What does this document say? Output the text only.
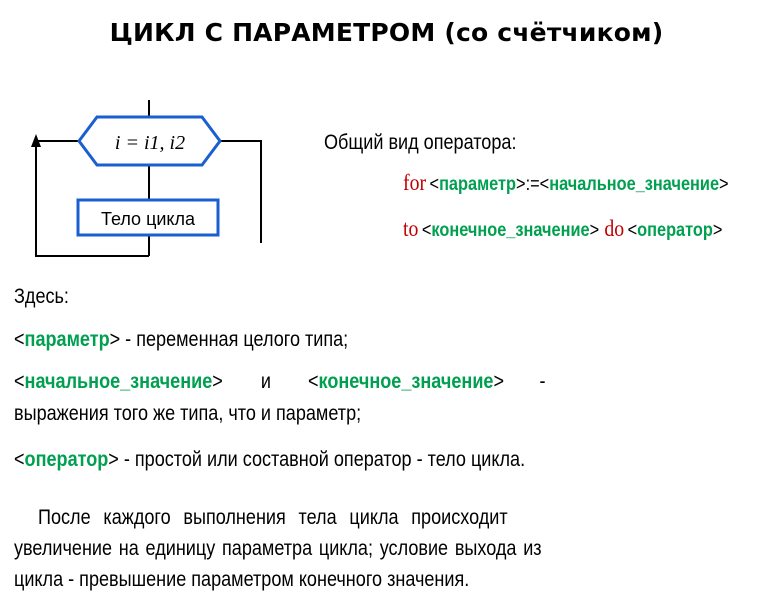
ЦИКЛ С ПАРАМЕТРОМ (со счётчиком)
i = i1, i2
Тело цикла
Общий вид оператора:
for <параметр>:=<начальное_значение>
to <конечное_значение> do <оператор>
Здесь:
<параметр> - переменная целого типа;
<начальное_значение> и <конечное_значение> -
выражения того же типа, что и параметр;
<оператор> - простой или составной оператор - тело цикла.
После каждого выполнения тела цикла происходит
увеличение на единицу параметра цикла; условие выхода из
цикла - превышение параметром конечного значения.
